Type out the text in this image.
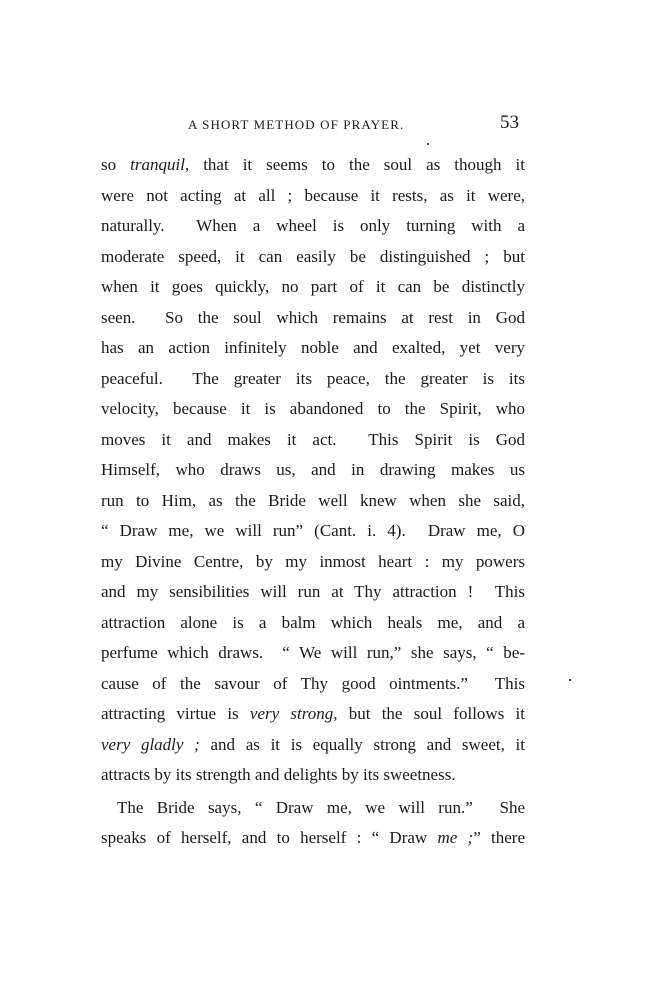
A SHORT METHOD OF PRAYER.	53
so tranquil, that it seems to the soul as though it
were not acting at all ; because it rests, as it were,
naturally.  When a wheel is only turning with a
moderate speed, it can easily be distinguished ; but
when it goes quickly, no part of it can be distinctly
seen.  So the soul which remains at rest in God
has an action infinitely noble and exalted, yet very
peaceful.  The greater its peace, the greater is its
velocity, because it is abandoned to the Spirit, who
moves it and makes it act.  This Spirit is God
Himself, who draws us, and in drawing makes us
run to Him, as the Bride well knew when she said,
“ Draw me, we will run” (Cant. i. 4).  Draw me, O
my Divine Centre, by my inmost heart : my powers
and my sensibilities will run at Thy attraction !  This
attraction alone is a balm which heals me, and a
perfume which draws.  “ We will run,” she says, “ be-
cause of the savour of Thy good ointments.”  This
attracting virtue is very strong, but the soul follows it
very gladly ; and as it is equally strong and sweet, it
attracts by its strength and delights by its sweetness.
The Bride says, “ Draw me, we will run.”  She
speaks of herself, and to herself : “ Draw me ;” there
